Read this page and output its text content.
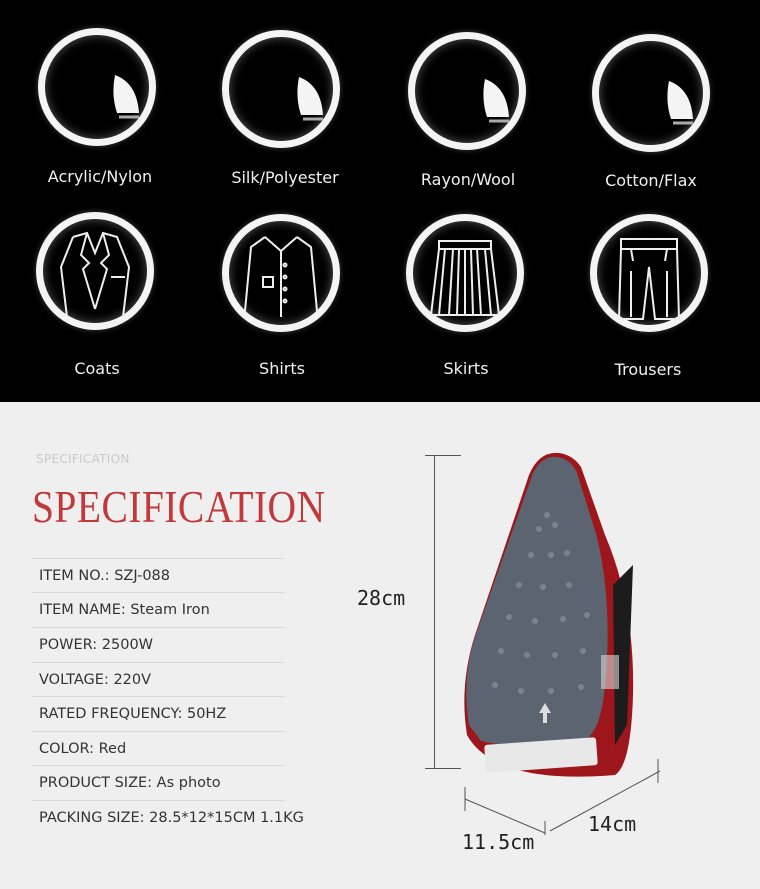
Acrylic/Nylon	Silk/Polyester	Rayon/Wool	Cotton/Flax
Coats	Shirts	Skirts	Trousers
SPECIFICATION
SPECIFICATION
ITEM NO.: SZJ-088
ITEM NAME: Steam Iron
POWER: 2500W
VOLTAGE: 220V
RATED FREQUENCY: 50HZ
COLOR: Red
PRODUCT SIZE: As photo
PACKING SIZE: 28.5*12*15CM 1.1KG
28cm
14cm
11.5cm
